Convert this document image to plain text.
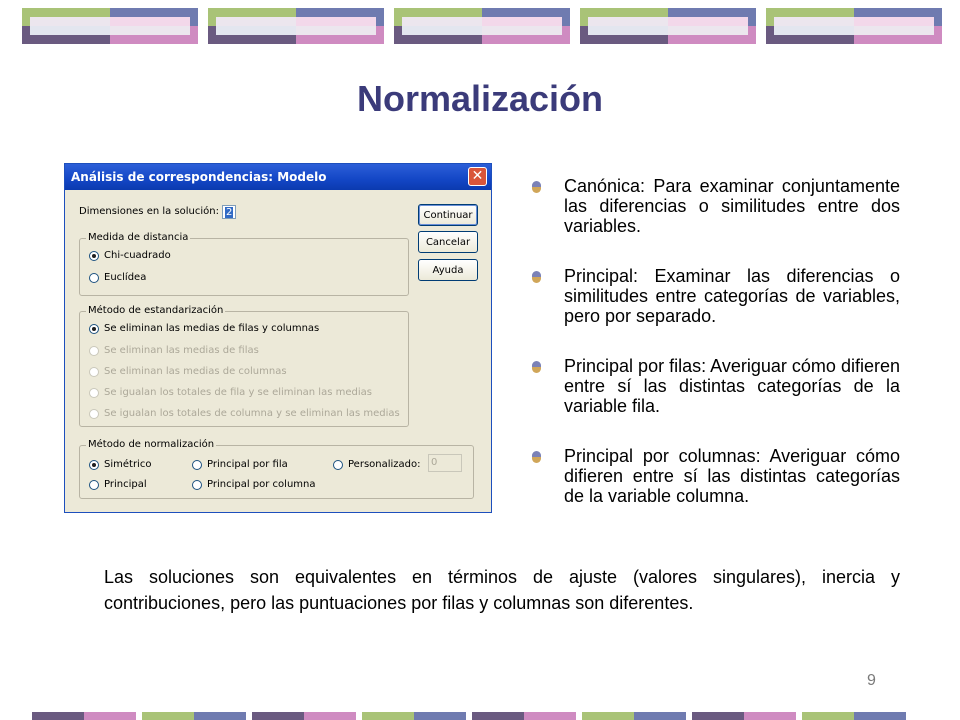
Normalización
Análisis de correspondencias: Modelo	✕
Dimensiones en la solución: 2	Continuar
Cancelar
Ayuda
Medida de distancia
Chi-cuadrado
Euclídea
Método de estandarización
Se eliminan las medias de filas y columnas
Se eliminan las medias de filas
Se eliminan las medias de columnas
Se igualan los totales de fila y se eliminan las medias
Se igualan los totales de columna y se eliminan las medias
Método de normalización
Simétrico	Principal por fila	Personalizado:	0
Principal	Principal por columna
Canónica: Para examinar conjuntamente las diferencias o similitudes entre dos variables.
Principal: Examinar las diferencias o similitudes entre categorías de variables, pero por separado.
Principal por filas: Averiguar cómo difieren entre sí las distintas categorías de la variable fila.
Principal por columnas: Averiguar cómo difieren entre sí las distintas categorías de la variable columna.
Las soluciones son equivalentes en términos de ajuste (valores singulares), inercia y contribuciones, pero las puntuaciones por filas y columnas son diferentes.
9
